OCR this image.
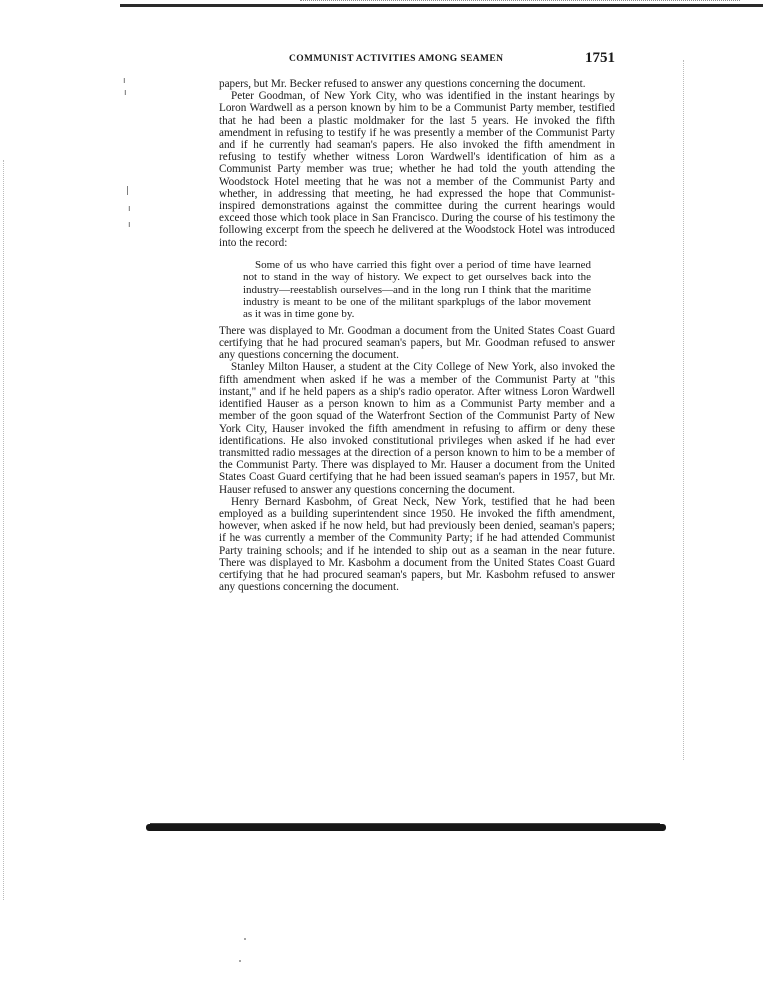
ı
ı
|
ı
ı
COMMUNIST ACTIVITIES AMONG SEAMEN	1751

papers, but Mr. Becker refused to answer any questions concerning the document.

Peter Goodman, of New York City, who was identified in the instant hearings by Loron Wardwell as a person known by him to be a Communist Party member, testified that he had been a plastic moldmaker for the last 5 years. He invoked the fifth amendment in refusing to testify if he was presently a member of the Communist Party and if he currently had seaman's papers. He also invoked the fifth amendment in refusing to testify whether witness Loron Wardwell's identification of him as a Communist Party member was true; whether he had told the youth attending the Woodstock Hotel meeting that he was not a member of the Communist Party and whether, in addressing that meeting, he had expressed the hope that Communist-inspired demonstrations against the committee during the current hearings would exceed those which took place in San Francisco. During the course of his testimony the following excerpt from the speech he delivered at the Woodstock Hotel was introduced into the record:

Some of us who have carried this fight over a period of time have learned not to stand in the way of history. We expect to get ourselves back into the industry—reestablish ourselves—and in the long run I think that the maritime industry is meant to be one of the militant sparkplugs of the labor movement as it was in time gone by.

There was displayed to Mr. Goodman a document from the United States Coast Guard certifying that he had procured seaman's papers, but Mr. Goodman refused to answer any questions concerning the document.

Stanley Milton Hauser, a student at the City College of New York, also invoked the fifth amendment when asked if he was a member of the Communist Party at "this instant," and if he held papers as a ship's radio operator. After witness Loron Wardwell identified Hauser as a person known to him as a Communist Party member and a member of the goon squad of the Waterfront Section of the Communist Party of New York City, Hauser invoked the fifth amendment in refusing to affirm or deny these identifications. He also invoked constitutional privileges when asked if he had ever transmitted radio messages at the direction of a person known to him to be a member of the Communist Party. There was displayed to Mr. Hauser a document from the United States Coast Guard certifying that he had been issued seaman's papers in 1957, but Mr. Hauser refused to answer any questions concerning the document.

Henry Bernard Kasbohm, of Great Neck, New York, testified that he had been employed as a building superintendent since 1950. He invoked the fifth amendment, however, when asked if he now held, but had previously been denied, seaman's papers; if he was currently a member of the Community Party; if he had attended Communist Party training schools; and if he intended to ship out as a seaman in the near future. There was displayed to Mr. Kasbohm a document from the United States Coast Guard certifying that he had procured seaman's papers, but Mr. Kasbohm refused to answer any questions concerning the document.
